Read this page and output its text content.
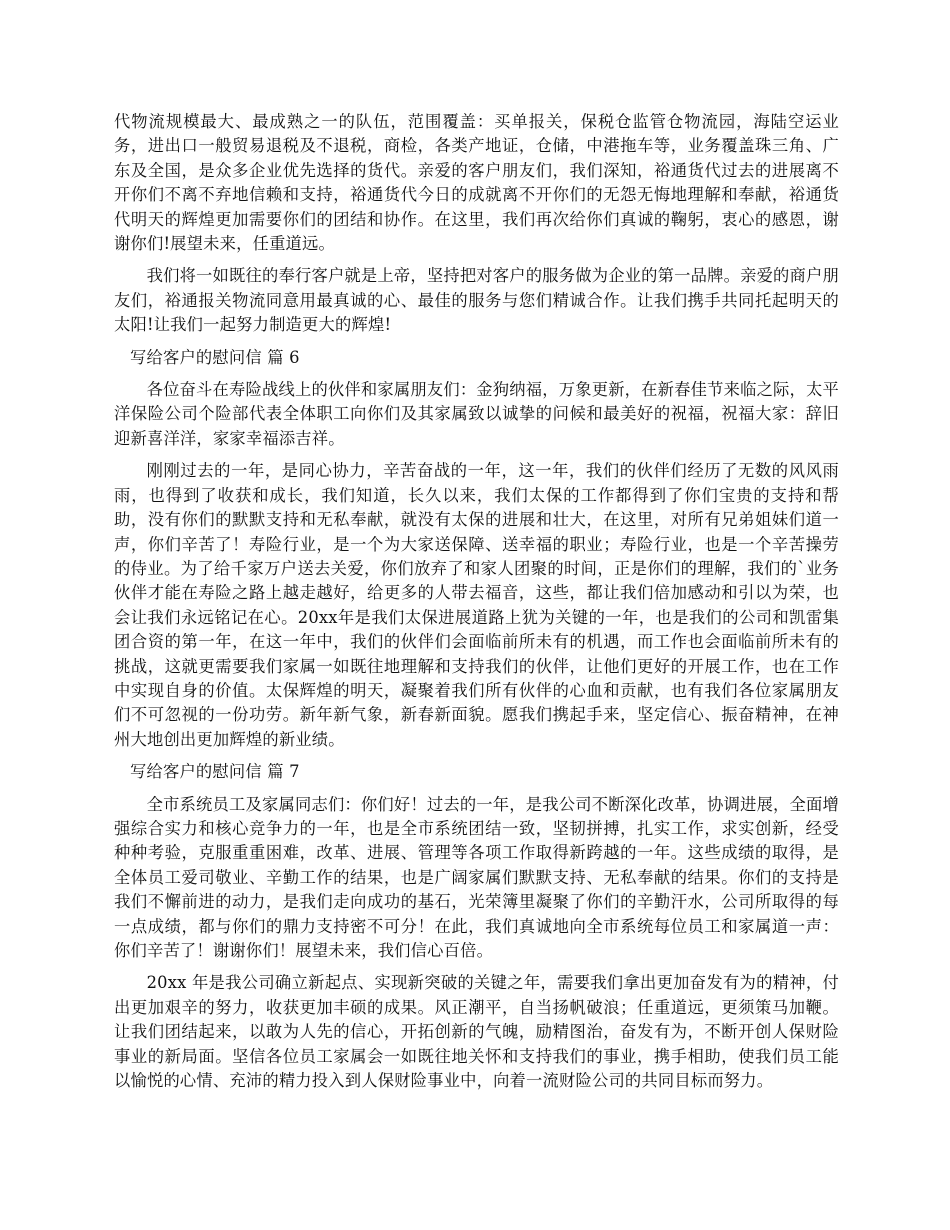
代物流规模最大、最成熟之一的队伍，范围覆盖：买单报关，保税仓监管仓物流园，海陆空运业务，进出口一般贸易退税及不退税，商检，各类产地证，仓储，中港拖车等，业务覆盖珠三角、广东及全国，是众多企业优先选择的货代。亲爱的客户朋友们，我们深知，裕通货代过去的进展离不开你们不离不弃地信赖和支持，裕通货代今日的成就离不开你们的无怨无悔地理解和奉献，裕通货代明天的辉煌更加需要你们的团结和协作。在这里，我们再次给你们真诚的鞠躬，衷心的感恩，谢谢你们!展望未来，任重道远。

我们将一如既往的奉行客户就是上帝，坚持把对客户的服务做为企业的第一品牌。亲爱的商户朋友们，裕通报关物流同意用最真诚的心、最佳的服务与您们精诚合作。让我们携手共同托起明天的太阳!让我们一起努力制造更大的辉煌!

写给客户的慰问信 篇 6

各位奋斗在寿险战线上的伙伴和家属朋友们：金狗纳福，万象更新，在新春佳节来临之际，太平洋保险公司个险部代表全体职工向你们及其家属致以诚挚的问候和最美好的祝福，祝福大家：辞旧迎新喜洋洋，家家幸福添吉祥。

刚刚过去的一年，是同心协力，辛苦奋战的一年，这一年，我们的伙伴们经历了无数的风风雨雨，也得到了收获和成长，我们知道，长久以来，我们太保的工作都得到了你们宝贵的支持和帮助，没有你们的默默支持和无私奉献，就没有太保的进展和壮大，在这里，对所有兄弟姐妹们道一声，你们辛苦了！寿险行业，是一个为大家送保障、送幸福的职业；寿险行业，也是一个辛苦操劳的侍业。为了给千家万户送去关爱，你们放弃了和家人团聚的时间，正是你们的理解，我们的`业务伙伴才能在寿险之路上越走越好，给更多的人带去福音，这些，都让我们倍加感动和引以为荣，也会让我们永远铭记在心。20xx年是我们太保进展道路上犹为关键的一年，也是我们的公司和凯雷集团合资的第一年，在这一年中，我们的伙伴们会面临前所未有的机遇，而工作也会面临前所未有的挑战，这就更需要我们家属一如既往地理解和支持我们的伙伴，让他们更好的开展工作，也在工作中实现自身的价值。太保辉煌的明天，凝聚着我们所有伙伴的心血和贡献，也有我们各位家属朋友们不可忽视的一份功劳。新年新气象，新春新面貌。愿我们携起手来，坚定信心、振奋精神，在神州大地创出更加辉煌的新业绩。

写给客户的慰问信 篇 7

全市系统员工及家属同志们：你们好！过去的一年，是我公司不断深化改革，协调进展，全面增强综合实力和核心竞争力的一年，也是全市系统团结一致，坚韧拼搏，扎实工作，求实创新，经受种种考验，克服重重困难，改革、进展、管理等各项工作取得新跨越的一年。这些成绩的取得，是全体员工爱司敬业、辛勤工作的结果，也是广阔家属们默默支持、无私奉献的结果。你们的支持是我们不懈前进的动力，是我们走向成功的基石，光荣簿里凝聚了你们的辛勤汗水，公司所取得的每一点成绩，都与你们的鼎力支持密不可分！在此，我们真诚地向全市系统每位员工和家属道一声：你们辛苦了！谢谢你们！展望未来，我们信心百倍。

20xx 年是我公司确立新起点、实现新突破的关键之年，需要我们拿出更加奋发有为的精神，付出更加艰辛的努力，收获更加丰硕的成果。风正潮平，自当扬帆破浪；任重道远，更须策马加鞭。让我们团结起来，以敢为人先的信心，开拓创新的气魄，励精图治，奋发有为，不断开创人保财险事业的新局面。坚信各位员工家属会一如既往地关怀和支持我们的事业，携手相助，使我们员工能以愉悦的心情、充沛的精力投入到人保财险事业中，向着一流财险公司的共同目标而努力。
